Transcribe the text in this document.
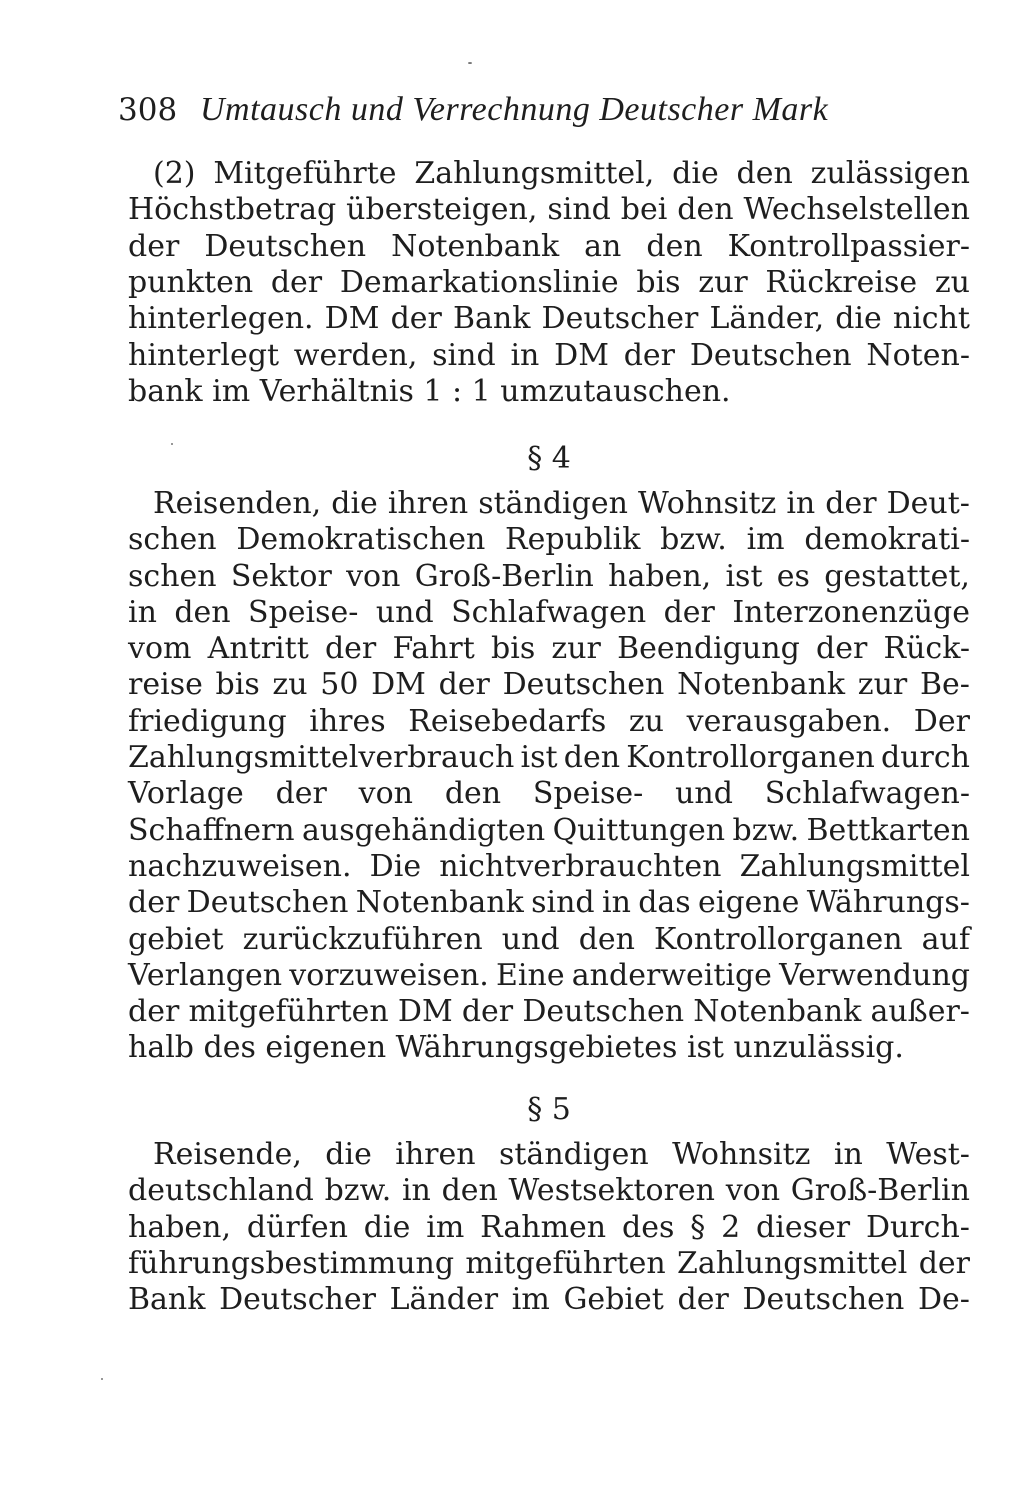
308 Umtausch und Verrechnung Deutscher Mark
(2) Mitgeführte Zahlungsmittel, die den zulässigen
Höchstbetrag übersteigen, sind bei den Wechselstellen
der Deutschen Notenbank an den Kontrollpassier-
punkten der Demarkationslinie bis zur Rückreise zu
hinterlegen. DM der Bank Deutscher Länder, die nicht
hinterlegt werden, sind in DM der Deutschen Noten-
bank im Verhältnis 1 : 1 umzutauschen.
§ 4
Reisenden, die ihren ständigen Wohnsitz in der Deut-
schen Demokratischen Republik bzw. im demokrati-
schen Sektor von Groß-Berlin haben, ist es gestattet,
in den Speise- und Schlafwagen der Interzonenzüge
vom Antritt der Fahrt bis zur Beendigung der Rück-
reise bis zu 50 DM der Deutschen Notenbank zur Be-
friedigung ihres Reisebedarfs zu verausgaben. Der
Zahlungsmittelverbrauch ist den Kontrollorganen durch
Vorlage der von den Speise- und Schlafwagen-
Schaffnern ausgehändigten Quittungen bzw. Bettkarten
nachzuweisen. Die nichtverbrauchten Zahlungsmittel
der Deutschen Notenbank sind in das eigene Währungs-
gebiet zurückzuführen und den Kontrollorganen auf
Verlangen vorzuweisen. Eine anderweitige Verwendung
der mitgeführten DM der Deutschen Notenbank außer-
halb des eigenen Währungsgebietes ist unzulässig.
§ 5
Reisende, die ihren ständigen Wohnsitz in West-
deutschland bzw. in den Westsektoren von Groß-Berlin
haben, dürfen die im Rahmen des § 2 dieser Durch-
führungsbestimmung mitgeführten Zahlungsmittel der
Bank Deutscher Länder im Gebiet der Deutschen De-
